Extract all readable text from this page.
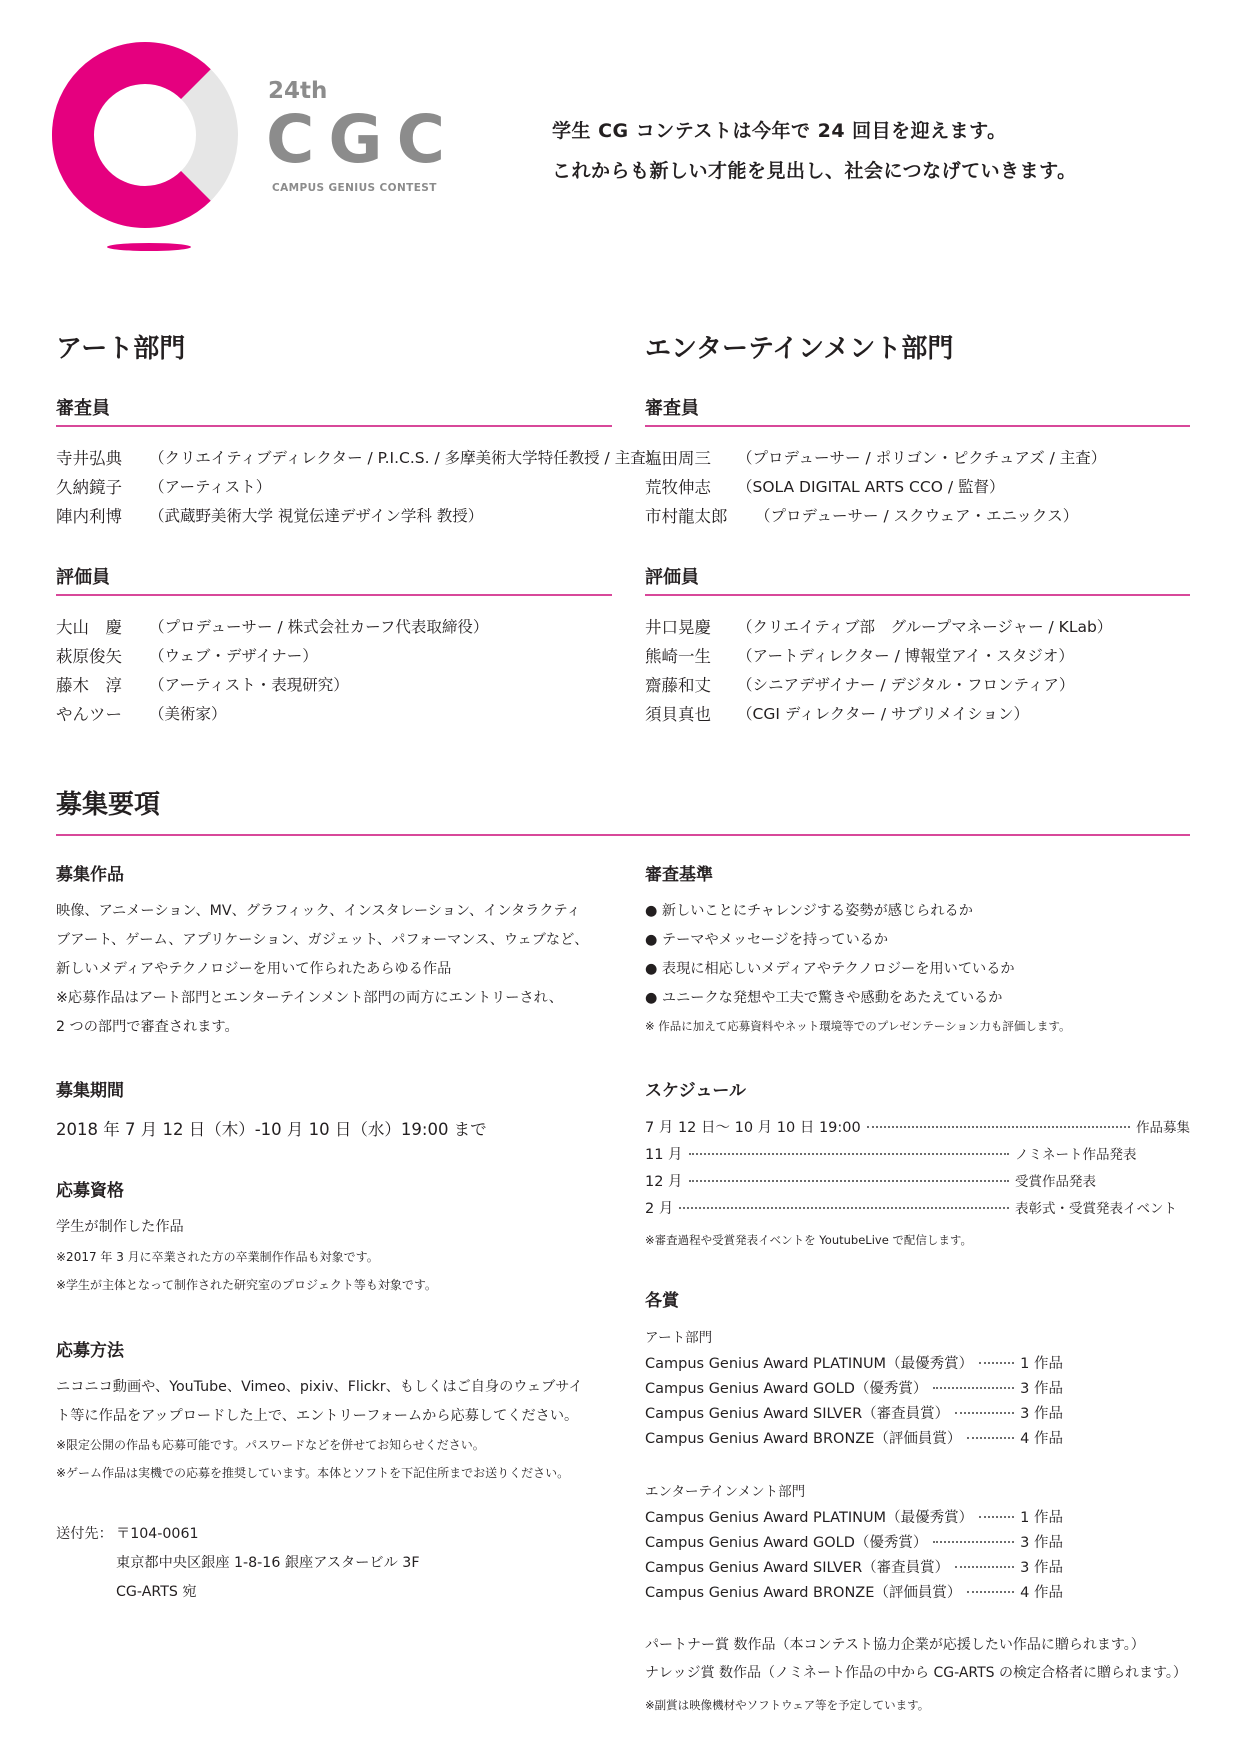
24th
CGC
CAMPUS GENIUS CONTEST
学生 CG コンテストは今年で 24 回目を迎えます。
これからも新しい才能を見出し、社会につなげていきます。
アート部門
審査員
寺井弘典 （クリエイティブディレクター / P.I.C.S. / 多摩美術大学特任教授 / 主査）
久納鏡子 （アーティスト）
陣内利博 （武蔵野美術大学 視覚伝達デザイン学科 教授）
評価員
大山　慶 （プロデューサー / 株式会社カーフ代表取締役）
萩原俊矢 （ウェブ・デザイナー）
藤木　淳 （アーティスト・表現研究）
やんツー （美術家）
エンターテインメント部門
審査員
塩田周三 （プロデューサー / ポリゴン・ピクチュアズ / 主査）
荒牧伸志 （SOLA DIGITAL ARTS CCO / 監督）
市村龍太郎 （プロデューサー / スクウェア・エニックス）
評価員
井口晃慶 （クリエイティブ部　グループマネージャー / KLab）
熊崎一生 （アートディレクター / 博報堂アイ・スタジオ）
齋藤和丈 （シニアデザイナー / デジタル・フロンティア）
須貝真也 （CGI ディレクター / サブリメイション）
募集要項
募集作品
映像、アニメーション、MV、グラフィック、インスタレーション、インタラクティ
ブアート、ゲーム、アプリケーション、ガジェット、パフォーマンス、ウェブなど、
新しいメディアやテクノロジーを用いて作られたあらゆる作品
※応募作品はアート部門とエンターテインメント部門の両方にエントリーされ、
2 つの部門で審査されます。
募集期間
2018 年 7 月 12 日（木）-10 月 10 日（水）19:00 まで
応募資格
学生が制作した作品
※2017 年 3 月に卒業された方の卒業制作作品も対象です。
※学生が主体となって制作された研究室のプロジェクト等も対象です。
応募方法
ニコニコ動画や、YouTube、Vimeo、pixiv、Flickr、もしくはご自身のウェブサイ
ト等に作品をアップロードした上で、エントリーフォームから応募してください。
※限定公開の作品も応募可能です。パスワードなどを併せてお知らせください。
※ゲーム作品は実機での応募を推奨しています。本体とソフトを下記住所までお送りください。
送付先： 〒104-0061
東京都中央区銀座 1-8-16 銀座アスタービル 3F
CG-ARTS 宛
審査基準
● 新しいことにチャレンジする姿勢が感じられるか
● テーマやメッセージを持っているか
● 表現に相応しいメディアやテクノロジーを用いているか
● ユニークな発想や工夫で驚きや感動をあたえているか
※ 作品に加えて応募資料やネット環境等でのプレゼンテーション力も評価します。
スケジュール
7 月 12 日〜 10 月 10 日 19:00	作品募集
11 月	ノミネート作品発表
12 月	受賞作品発表
2 月	表彰式・受賞発表イベント
※審査過程や受賞発表イベントを YoutubeLive で配信します。
各賞
アート部門
Campus Genius Award PLATINUM（最優秀賞）	1 作品
Campus Genius Award GOLD（優秀賞）	3 作品
Campus Genius Award SILVER（審査員賞）	3 作品
Campus Genius Award BRONZE（評価員賞）	4 作品
エンターテインメント部門
Campus Genius Award PLATINUM（最優秀賞）	1 作品
Campus Genius Award GOLD（優秀賞）	3 作品
Campus Genius Award SILVER（審査員賞）	3 作品
Campus Genius Award BRONZE（評価員賞）	4 作品
パートナー賞 数作品（本コンテスト協力企業が応援したい作品に贈られます。）
ナレッジ賞 数作品（ノミネート作品の中から CG-ARTS の検定合格者に贈られます。）
※副賞は映像機材やソフトウェア等を予定しています。
